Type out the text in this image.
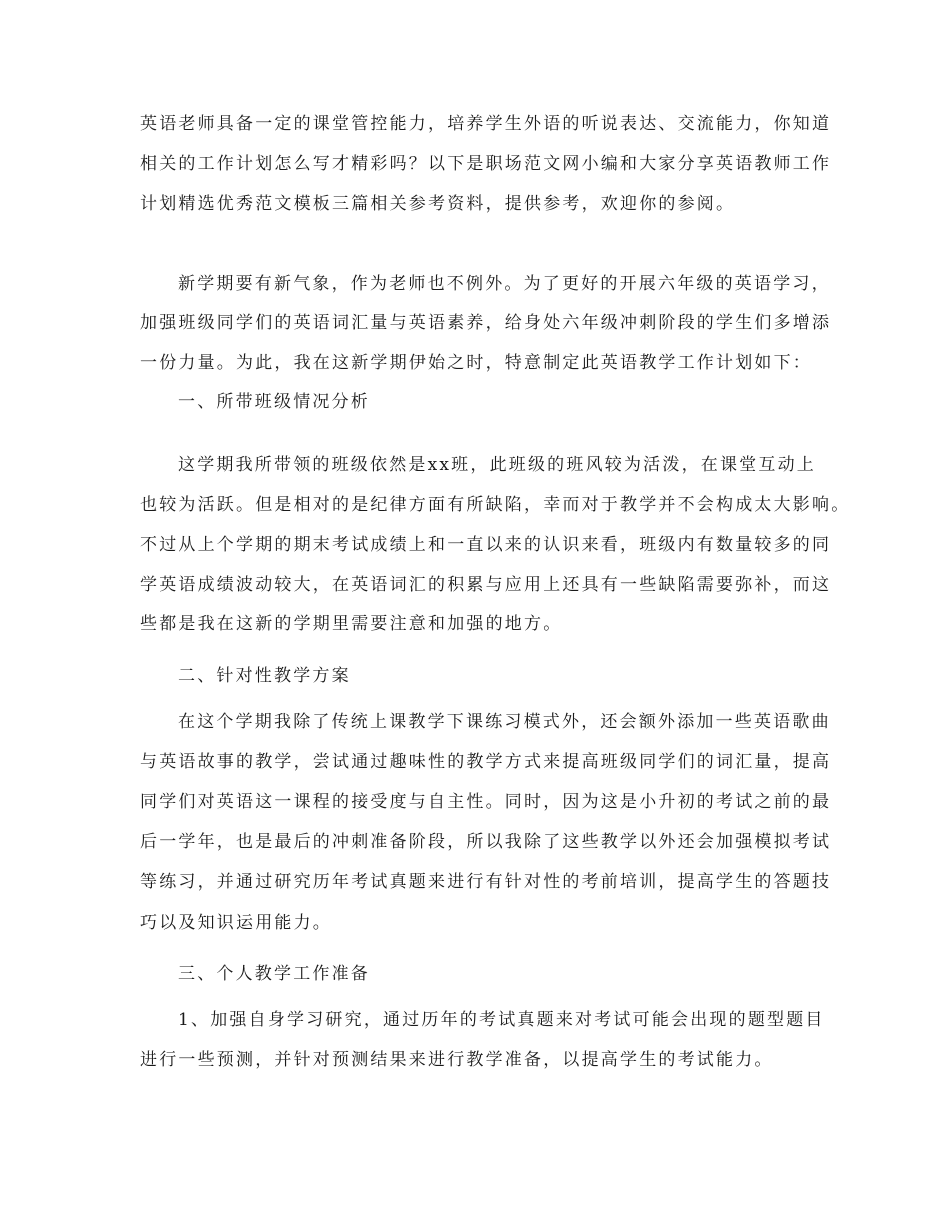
英语老师具备一定的课堂管控能力，培养学生外语的听说表达、交流能力，你知道
相关的工作计划怎么写才精彩吗？以下是职场范文网小编和大家分享英语教师工作
计划精选优秀范文模板三篇相关参考资料，提供参考，欢迎你的参阅。
新学期要有新气象，作为老师也不例外。为了更好的开展六年级的英语学习，
加强班级同学们的英语词汇量与英语素养，给身处六年级冲刺阶段的学生们多增添
一份力量。为此，我在这新学期伊始之时，特意制定此英语教学工作计划如下：
一、所带班级情况分析
这学期我所带领的班级依然是xx班，此班级的班风较为活泼，在课堂互动上
也较为活跃。但是相对的是纪律方面有所缺陷，幸而对于教学并不会构成太大影响。
不过从上个学期的期末考试成绩上和一直以来的认识来看，班级内有数量较多的同
学英语成绩波动较大，在英语词汇的积累与应用上还具有一些缺陷需要弥补，而这
些都是我在这新的学期里需要注意和加强的地方。
二、针对性教学方案
在这个学期我除了传统上课教学下课练习模式外，还会额外添加一些英语歌曲
与英语故事的教学，尝试通过趣味性的教学方式来提高班级同学们的词汇量，提高
同学们对英语这一课程的接受度与自主性。同时，因为这是小升初的考试之前的最
后一学年，也是最后的冲刺准备阶段，所以我除了这些教学以外还会加强模拟考试
等练习，并通过研究历年考试真题来进行有针对性的考前培训，提高学生的答题技
巧以及知识运用能力。
三、个人教学工作准备
1、加强自身学习研究，通过历年的考试真题来对考试可能会出现的题型题目
进行一些预测，并针对预测结果来进行教学准备，以提高学生的考试能力。
